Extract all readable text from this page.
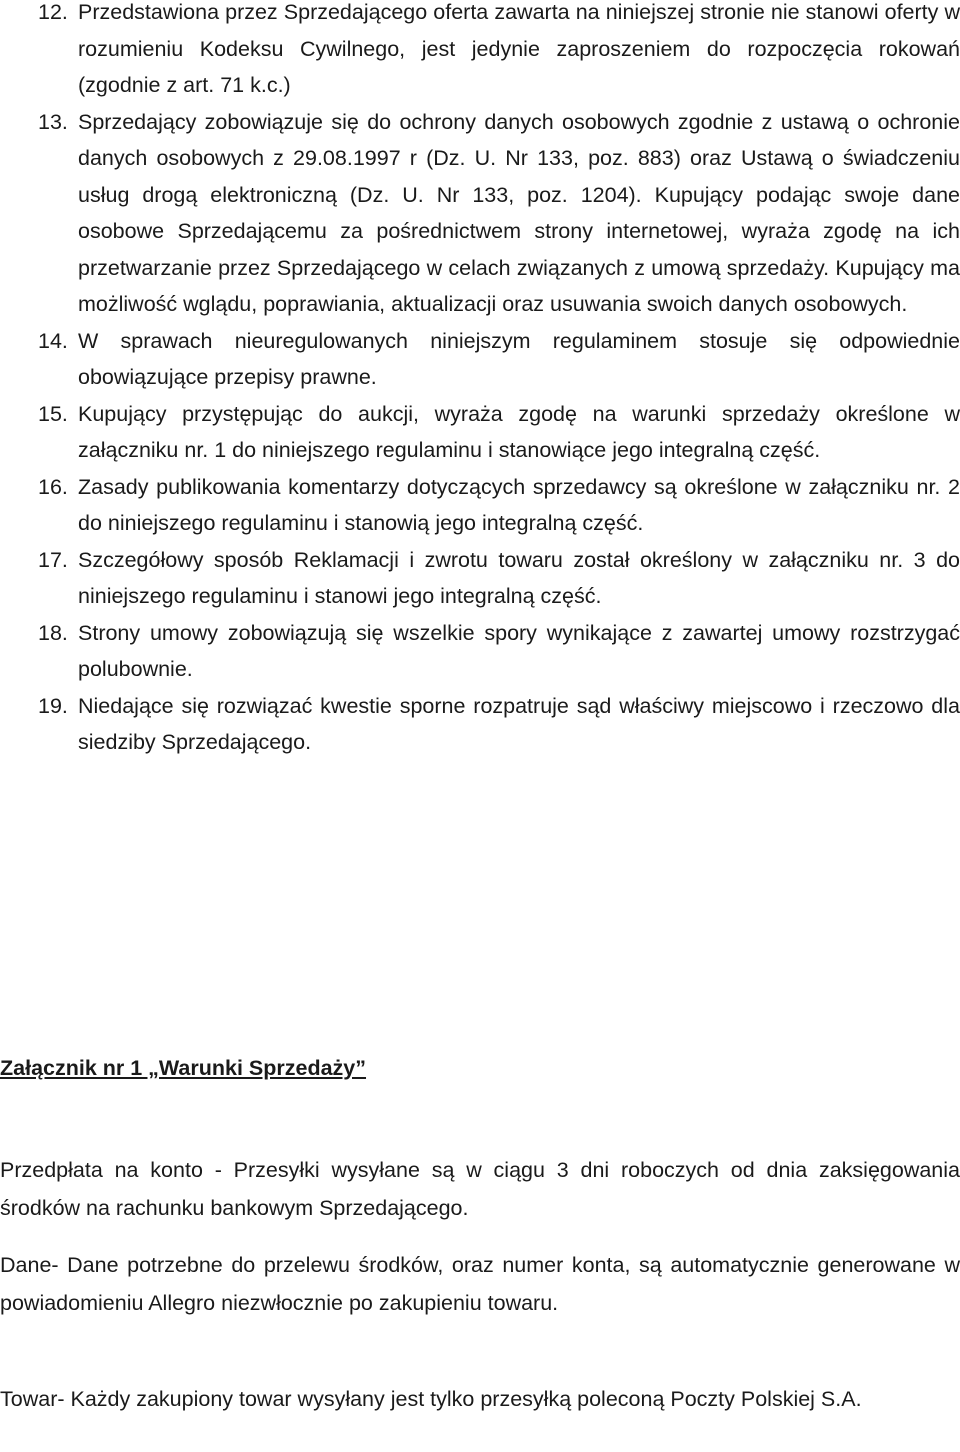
12. Przedstawiona przez Sprzedającego oferta zawarta na niniejszej stronie nie stanowi oferty w rozumieniu Kodeksu Cywilnego, jest jedynie zaproszeniem do rozpoczęcia rokowań (zgodnie z art. 71 k.c.)
13. Sprzedający zobowiązuje się do ochrony danych osobowych zgodnie z ustawą o ochronie danych osobowych z 29.08.1997 r (Dz. U. Nr 133, poz. 883) oraz Ustawą o świadczeniu usług drogą elektroniczną (Dz. U. Nr 133, poz. 1204). Kupujący podając swoje dane osobowe Sprzedającemu za pośrednictwem strony internetowej, wyraża zgodę na ich przetwarzanie przez Sprzedającego w celach związanych z umową sprzedaży. Kupujący ma możliwość wglądu, poprawiania, aktualizacji oraz usuwania swoich danych osobowych.
14. W sprawach nieuregulowanych niniejszym regulaminem stosuje się odpowiednie obowiązujące przepisy prawne.
15. Kupujący przystępując do aukcji, wyraża zgodę na warunki sprzedaży określone w załączniku nr. 1 do niniejszego regulaminu i stanowiące jego integralną część.
16. Zasady publikowania komentarzy dotyczących sprzedawcy są określone w załączniku nr. 2 do niniejszego regulaminu i stanowią jego integralną część.
17. Szczegółowy sposób Reklamacji i zwrotu towaru został określony w załączniku nr. 3 do niniejszego regulaminu i stanowi jego integralną część.
18. Strony umowy zobowiązują się wszelkie spory wynikające z zawartej umowy rozstrzygać polubownie.
19. Niedające się rozwiązać kwestie sporne rozpatruje sąd właściwy miejscowo i rzeczowo dla siedziby Sprzedającego.
Załącznik nr 1 „Warunki Sprzedaży”

Przedpłata na konto - Przesyłki wysyłane są w ciągu 3 dni roboczych od dnia zaksięgowania środków na rachunku bankowym Sprzedającego.

Dane- Dane potrzebne do przelewu środków, oraz numer konta, są automatycznie generowane w powiadomieniu Allegro niezwłocznie po zakupieniu towaru.

Towar- Każdy zakupiony towar wysyłany jest tylko przesyłką poleconą Poczty Polskiej S.A.
